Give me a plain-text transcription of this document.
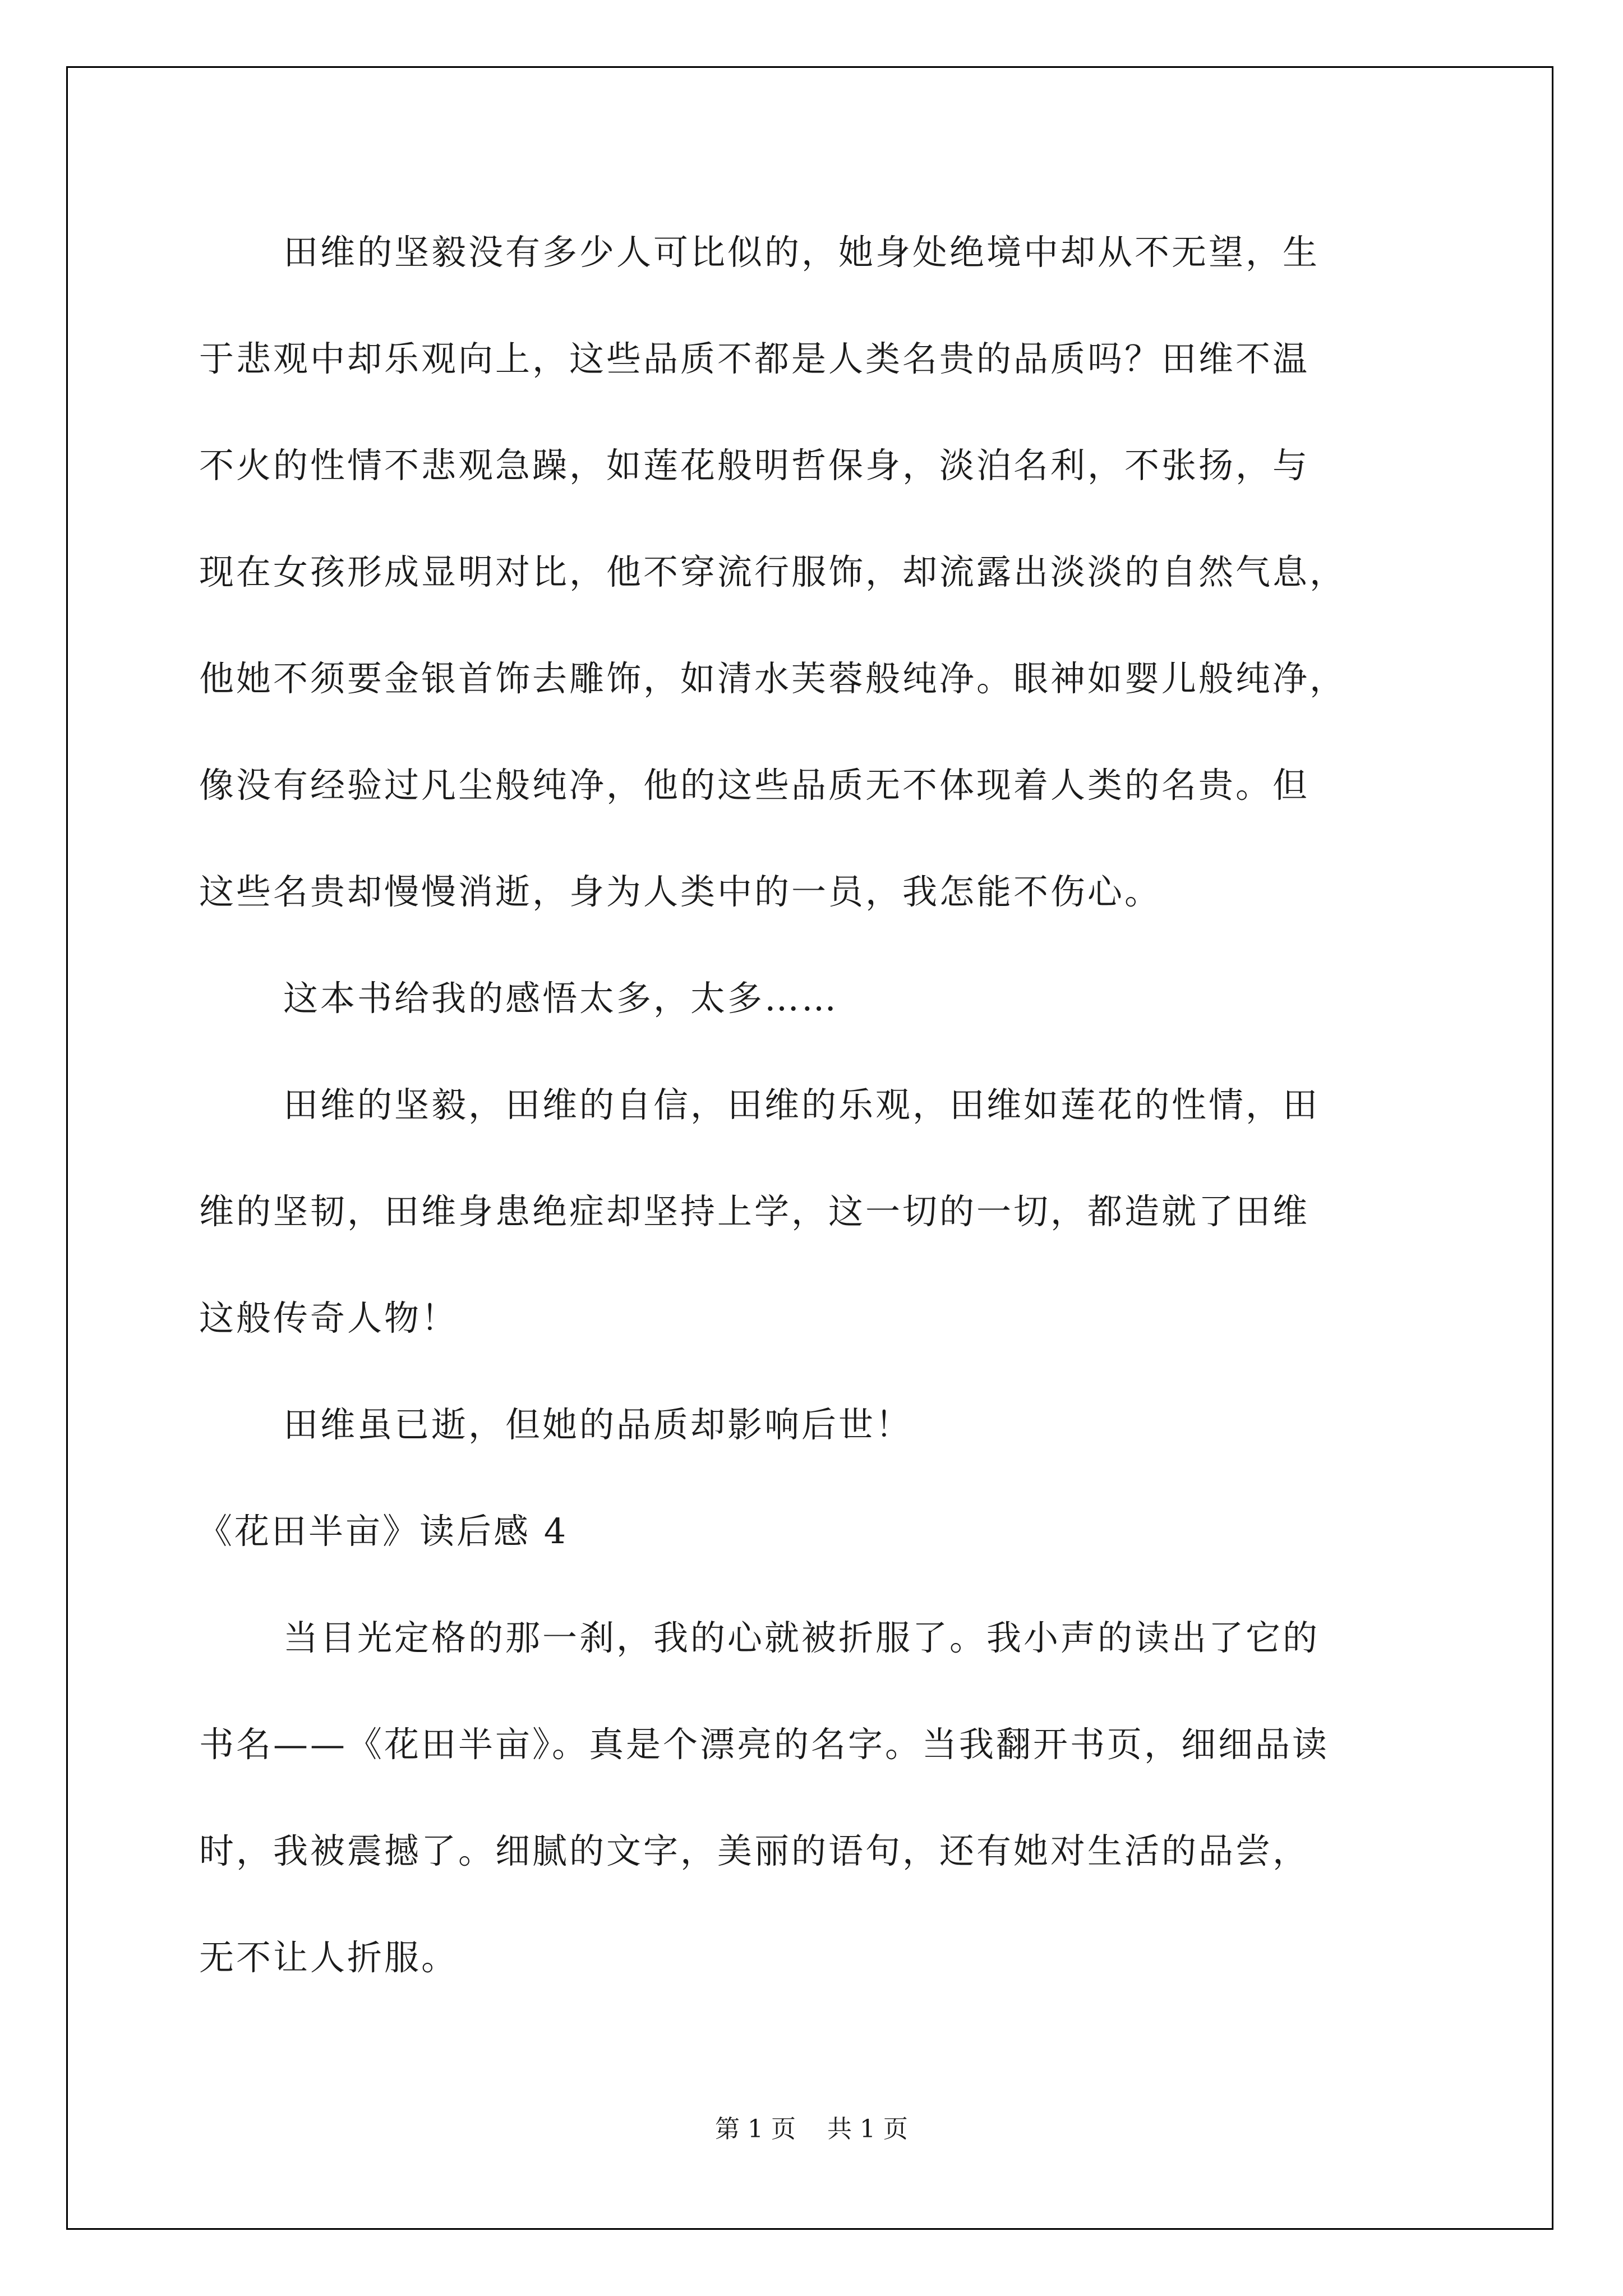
田维的坚毅没有多少人可比似的，她身处绝境中却从不无望，生
于悲观中却乐观向上，这些品质不都是人类名贵的品质吗？田维不温
不火的性情不悲观急躁，如莲花般明哲保身，淡泊名利，不张扬，与
现在女孩形成显明对比，他不穿流行服饰，却流露出淡淡的自然气息，
他她不须要金银首饰去雕饰，如清水芙蓉般纯净。眼神如婴儿般纯净，
像没有经验过凡尘般纯净，他的这些品质无不体现着人类的名贵。但
这些名贵却慢慢消逝，身为人类中的一员，我怎能不伤心。
这本书给我的感悟太多，太多……
田维的坚毅，田维的自信，田维的乐观，田维如莲花的性情，田
维的坚韧，田维身患绝症却坚持上学，这一切的一切，都造就了田维
这般传奇人物！
田维虽已逝，但她的品质却影响后世！
《花田半亩》读后感 4
当目光定格的那一刹，我的心就被折服了。我小声的读出了它的
书名——《花田半亩》。真是个漂亮的名字。当我翻开书页，细细品读
时，我被震撼了。细腻的文字，美丽的语句，还有她对生活的品尝，
无不让人折服。
第 1 页    共 1 页
